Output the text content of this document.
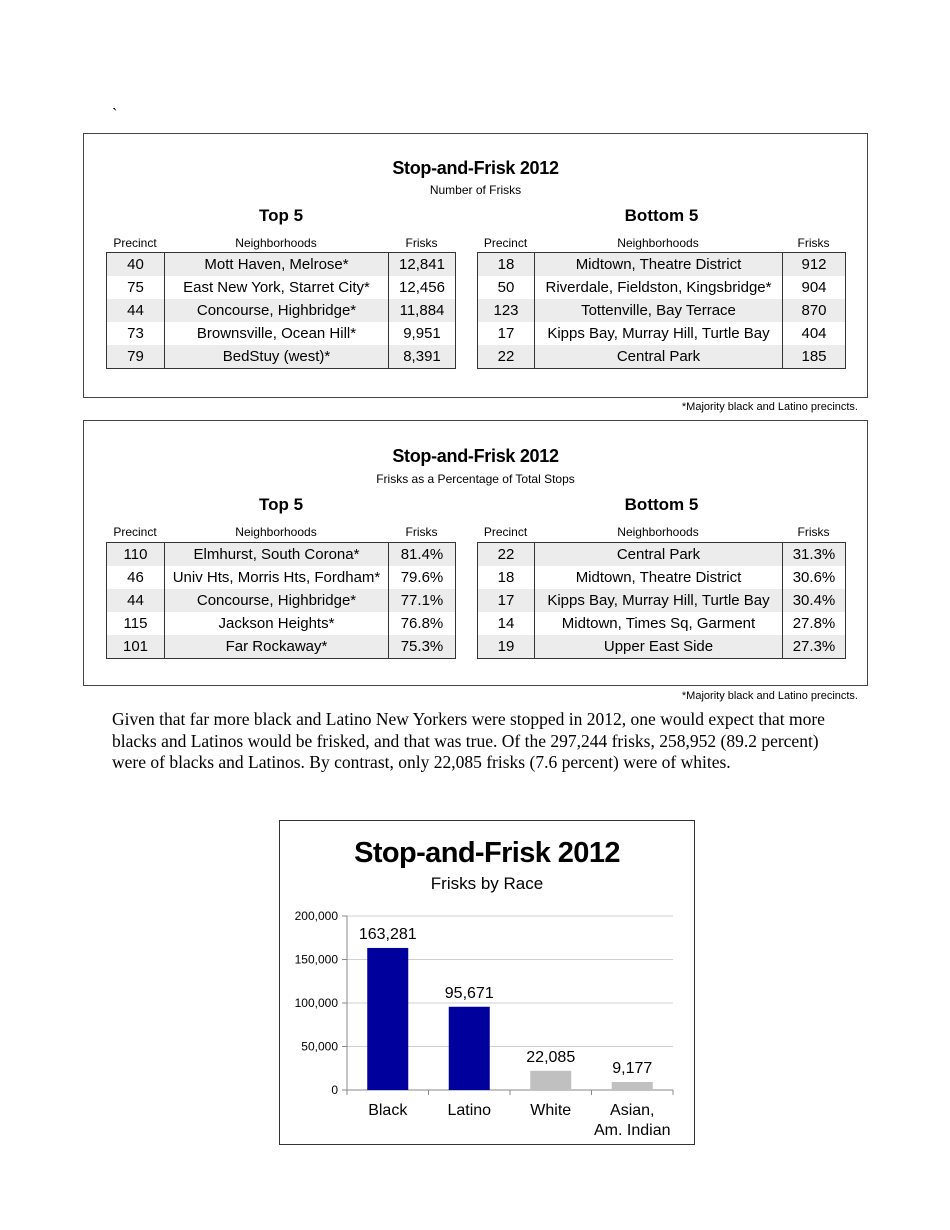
`
Stop-and-Frisk 2012
Number of Frisks
Top 5	Bottom 5
Precinct	Neighborhoods	Frisks	Precinct	Neighborhoods	Frisks
40	Mott Haven, Melrose*	12,841
75	East New York, Starret City*	12,456
44	Concourse, Highbridge*	11,884
73	Brownsville, Ocean Hill*	9,951
79	BedStuy (west)*	8,391
18	Midtown, Theatre District	912
50	Riverdale, Fieldston, Kingsbridge*	904
123	Tottenville, Bay Terrace	870
17	Kipps Bay, Murray Hill, Turtle Bay	404
22	Central Park	185
*Majority black and Latino precincts.
Stop-and-Frisk 2012
Frisks as a Percentage of Total Stops
Top 5	Bottom 5
Precinct	Neighborhoods	Frisks	Precinct	Neighborhoods	Frisks
110	Elmhurst, South Corona*	81.4%
46	Univ Hts, Morris Hts, Fordham*	79.6%
44	Concourse, Highbridge*	77.1%
115	Jackson Heights*	76.8%
101	Far Rockaway*	75.3%
22	Central Park	31.3%
18	Midtown, Theatre District	30.6%
17	Kipps Bay, Murray Hill, Turtle Bay	30.4%
14	Midtown, Times Sq, Garment	27.8%
19	Upper East Side	27.3%
*Majority black and Latino precincts.
Given that far more black and Latino New Yorkers were stopped in 2012, one would expect that more blacks and Latinos would be frisked, and that was true. Of the 297,244 frisks, 258,952 (89.2 percent) were of blacks and Latinos. By contrast, only 22,085 frisks (7.6 percent) were of whites.
Stop-and-Frisk 2012
Frisks by Race
0
50,000
100,000
150,000
200,000
163,281
Black
95,671
Latino
22,085
White
9,177
Asian,
Am. Indian
